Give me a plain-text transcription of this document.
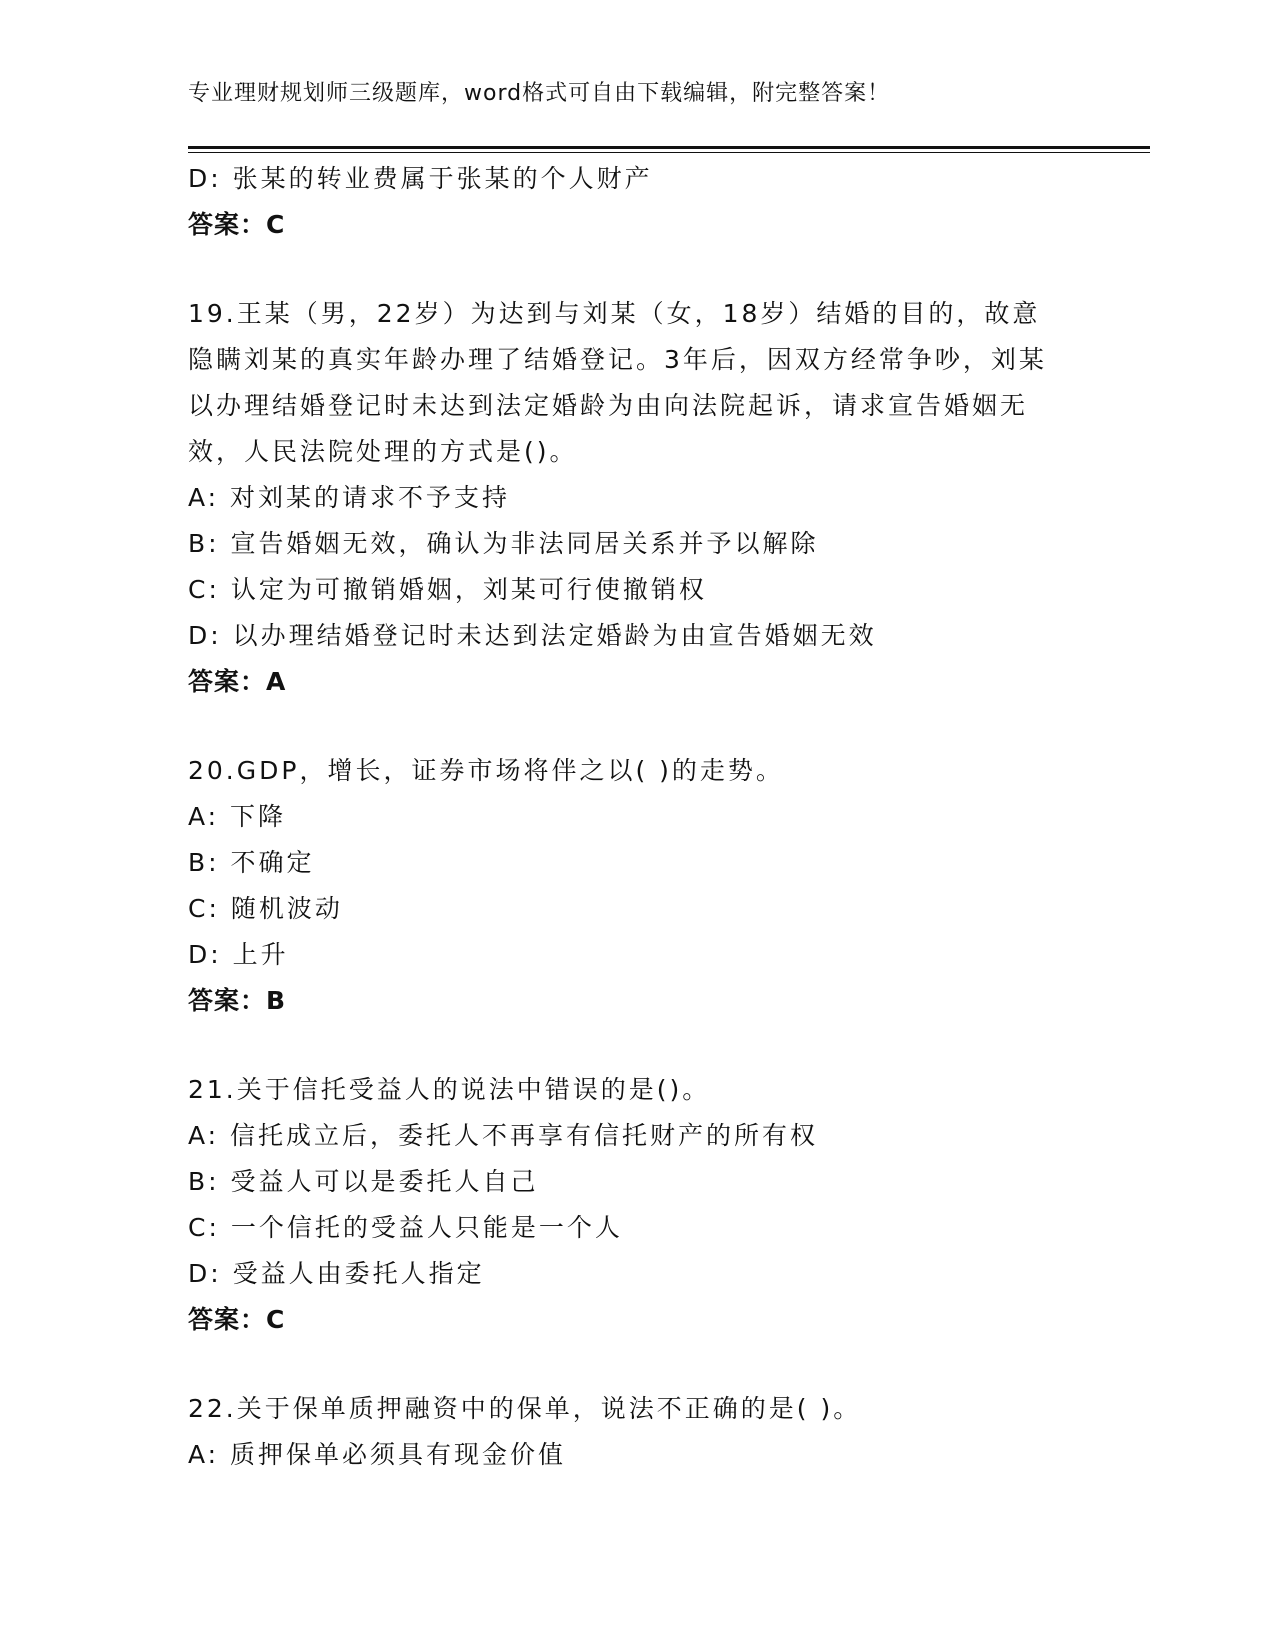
专业理财规划师三级题库，word格式可自由下载编辑，附完整答案！
D: 张某的转业费属于张某的个人财产
答案：C
19.王某（男，22岁）为达到与刘某（女，18岁）结婚的目的，故意
隐瞒刘某的真实年龄办理了结婚登记。3年后，因双方经常争吵，刘某
以办理结婚登记时未达到法定婚龄为由向法院起诉，请求宣告婚姻无
效，人民法院处理的方式是()。
A: 对刘某的请求不予支持
B: 宣告婚姻无效，确认为非法同居关系并予以解除
C: 认定为可撤销婚姻，刘某可行使撤销权
D: 以办理结婚登记时未达到法定婚龄为由宣告婚姻无效
答案：A
20.GDP，增长，证券市场将伴之以( )的走势。
A: 下降
B: 不确定
C: 随机波动
D: 上升
答案：B
21.关于信托受益人的说法中错误的是()。
A: 信托成立后，委托人不再享有信托财产的所有权
B: 受益人可以是委托人自己
C: 一个信托的受益人只能是一个人
D: 受益人由委托人指定
答案：C
22.关于保单质押融资中的保单，说法不正确的是( )。
A: 质押保单必须具有现金价值
